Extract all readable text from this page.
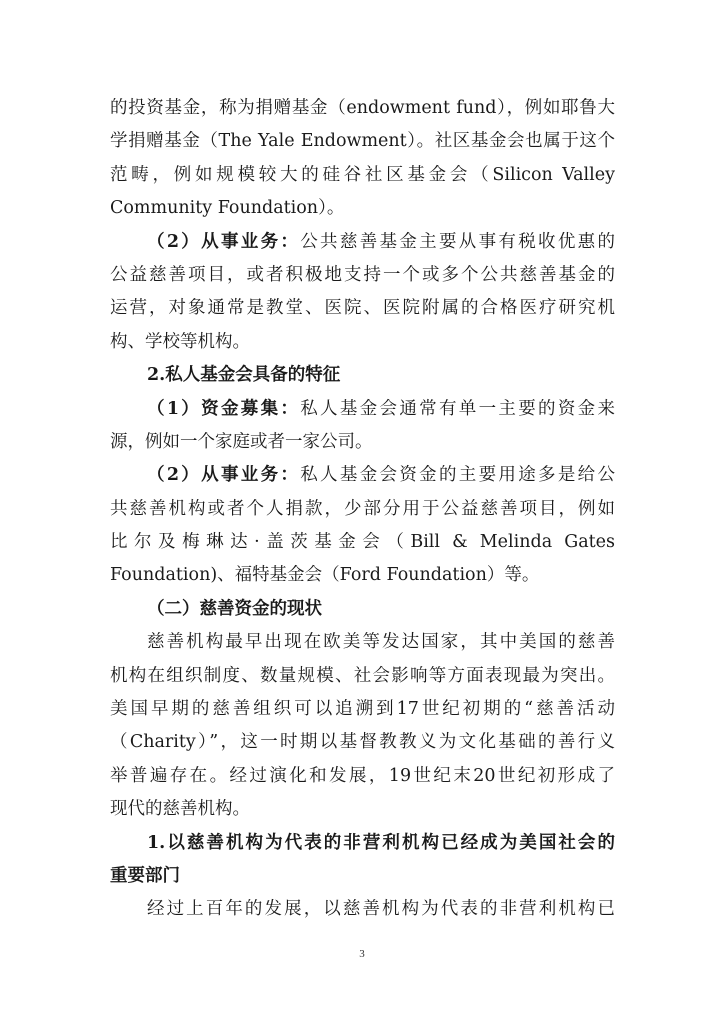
的投资基金，称为捐赠基金（endowment fund），例如耶鲁大
学捐赠基金（The Yale Endowment）。社区基金会也属于这个
范畴，例如规模较大的硅谷社区基金会（Silicon Valley
Community Foundation）。
（2）从事业务：公共慈善基金主要从事有税收优惠的
公益慈善项目，或者积极地支持一个或多个公共慈善基金的
运营，对象通常是教堂、医院、医院附属的合格医疗研究机
构、学校等机构。
2.私人基金会具备的特征
（1）资金募集：私人基金会通常有单一主要的资金来
源，例如一个家庭或者一家公司。
（2）从事业务：私人基金会资金的主要用途多是给公
共慈善机构或者个人捐款，少部分用于公益慈善项目，例如
比尔及梅琳达·盖茨基金会（Bill & Melinda Gates
Foundation)、福特基金会（Ford Foundation）等。
（二）慈善资金的现状
慈善机构最早出现在欧美等发达国家，其中美国的慈善
机构在组织制度、数量规模、社会影响等方面表现最为突出。
美国早期的慈善组织可以追溯到17世纪初期的“慈善活动
（Charity）”，这一时期以基督教教义为文化基础的善行义
举普遍存在。经过演化和发展，19世纪末20世纪初形成了
现代的慈善机构。
1.以慈善机构为代表的非营利机构已经成为美国社会的
重要部门
经过上百年的发展，以慈善机构为代表的非营利机构已
3
